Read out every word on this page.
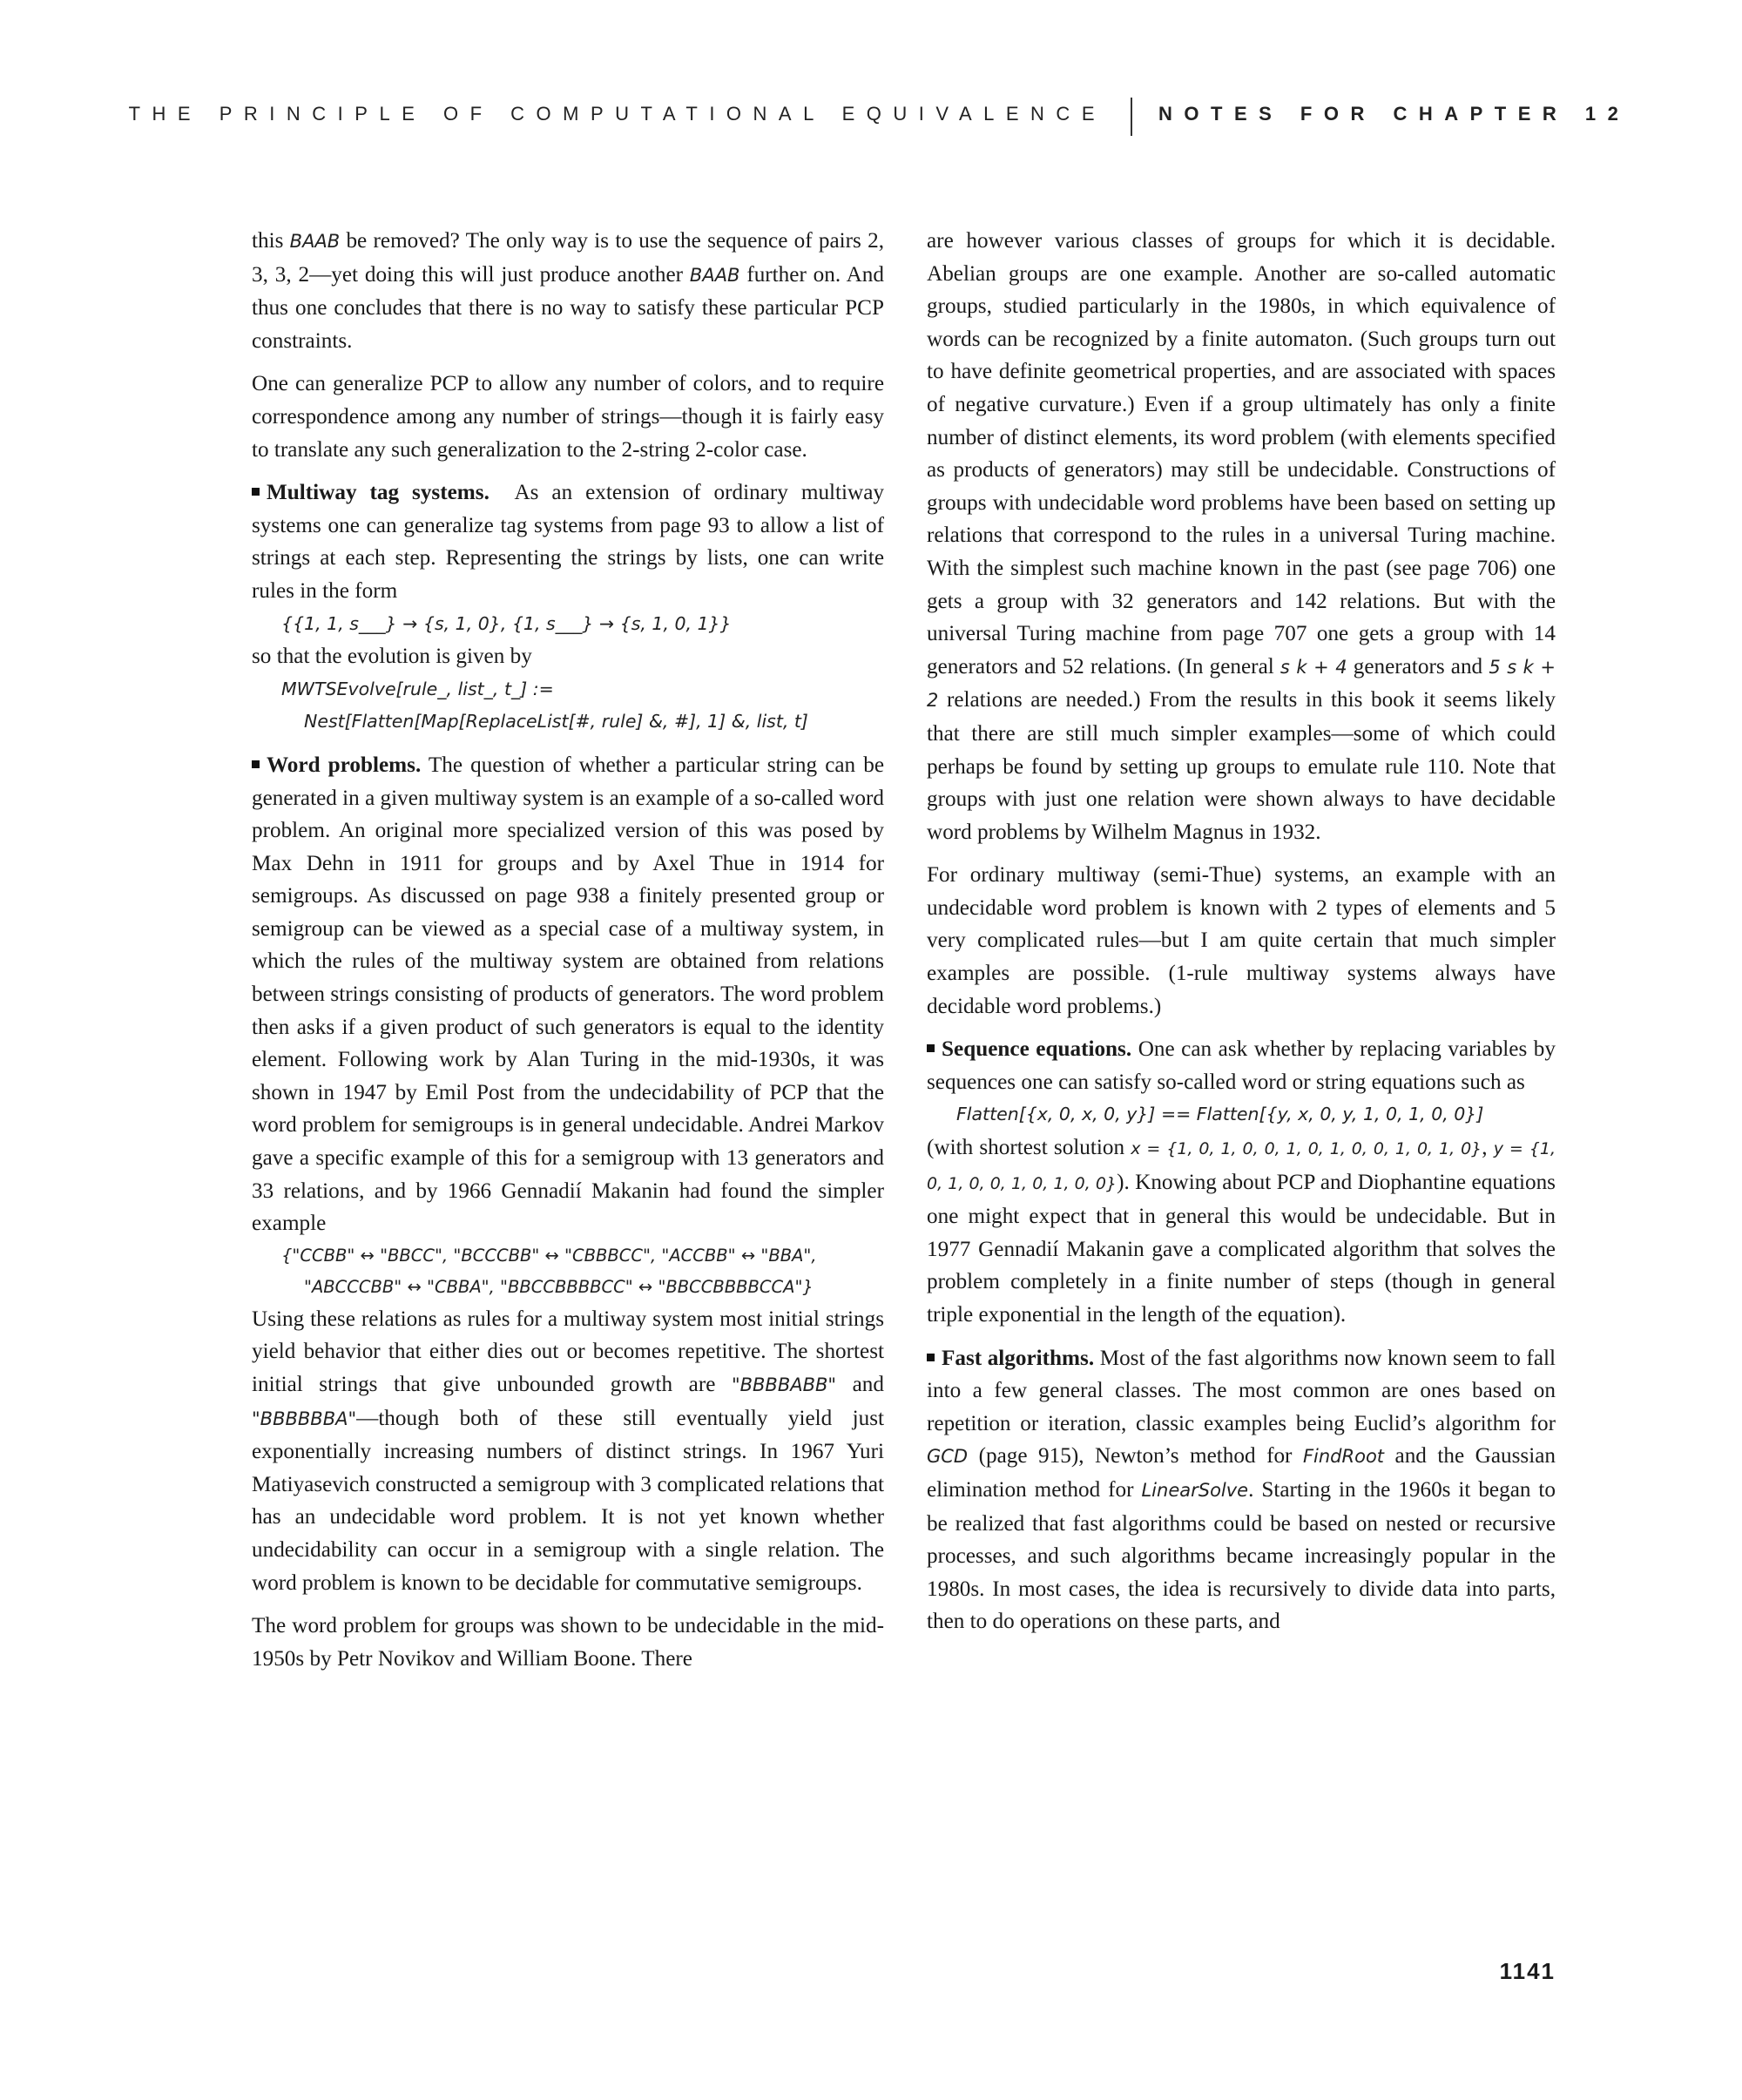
THE PRINCIPLE OF COMPUTATIONAL EQUIVALENCE	NOTES FOR CHAPTER 12

this BAAB be removed? The only way is to use the sequence of pairs 2, 3, 3, 2—yet doing this will just produce another BAAB further on. And thus one concludes that there is no way to satisfy these particular PCP constraints.

One can generalize PCP to allow any number of colors, and to require correspondence among any number of strings—though it is fairly easy to translate any such generalization to the 2-string 2-color case.

Multiway tag systems. As an extension of ordinary multiway systems one can generalize tag systems from page 93 to allow a list of strings at each step. Representing the strings by lists, one can write rules in the form

{{1, 1, s___} → {s, 1, 0}, {1, s___} → {s, 1, 0, 1}}

so that the evolution is given by

MWTSEvolve[rule_, list_, t_] :=
Nest[Flatten[Map[ReplaceList[#, rule] &, #], 1] &, list, t]

Word problems. The question of whether a particular string can be generated in a given multiway system is an example of a so-called word problem. An original more specialized version of this was posed by Max Dehn in 1911 for groups and by Axel Thue in 1914 for semigroups. As discussed on page 938 a finitely presented group or semigroup can be viewed as a special case of a multiway system, in which the rules of the multiway system are obtained from relations between strings consisting of products of generators. The word problem then asks if a given product of such generators is equal to the identity element. Following work by Alan Turing in the mid-1930s, it was shown in 1947 by Emil Post from the undecidability of PCP that the word problem for semigroups is in general undecidable. Andrei Markov gave a specific example of this for a semigroup with 13 generators and 33 relations, and by 1966 Gennadií Makanin had found the simpler example

{"CCBB" ↔ "BBCC", "BCCCBB" ↔ "CBBBCC", "ACCBB" ↔ "BBA",
"ABCCCBB" ↔ "CBBA", "BBCCBBBBCC" ↔ "BBCCBBBBCCA"}

Using these relations as rules for a multiway system most initial strings yield behavior that either dies out or becomes repetitive. The shortest initial strings that give unbounded growth are "BBBBABB" and "BBBBBBA"—though both of these still eventually yield just exponentially increasing numbers of distinct strings. In 1967 Yuri Matiyasevich constructed a semigroup with 3 complicated relations that has an undecidable word problem. It is not yet known whether undecidability can occur in a semigroup with a single relation. The word problem is known to be decidable for commutative semigroups.

The word problem for groups was shown to be undecidable in the mid-1950s by Petr Novikov and William Boone. There

are however various classes of groups for which it is decidable. Abelian groups are one example. Another are so-called automatic groups, studied particularly in the 1980s, in which equivalence of words can be recognized by a finite automaton. (Such groups turn out to have definite geometrical properties, and are associated with spaces of negative curvature.) Even if a group ultimately has only a finite number of distinct elements, its word problem (with elements specified as products of generators) may still be undecidable. Constructions of groups with undecidable word problems have been based on setting up relations that correspond to the rules in a universal Turing machine. With the simplest such machine known in the past (see page 706) one gets a group with 32 generators and 142 relations. But with the universal Turing machine from page 707 one gets a group with 14 generators and 52 relations. (In general s k + 4 generators and 5 s k + 2 relations are needed.) From the results in this book it seems likely that there are still much simpler examples—some of which could perhaps be found by setting up groups to emulate rule 110. Note that groups with just one relation were shown always to have decidable word problems by Wilhelm Magnus in 1932.

For ordinary multiway (semi-Thue) systems, an example with an undecidable word problem is known with 2 types of elements and 5 very complicated rules—but I am quite certain that much simpler examples are possible. (1-rule multiway systems always have decidable word problems.)

Sequence equations. One can ask whether by replacing variables by sequences one can satisfy so-called word or string equations such as

Flatten[{x, 0, x, 0, y}] == Flatten[{y, x, 0, y, 1, 0, 1, 0, 0}]

(with shortest solution x = {1, 0, 1, 0, 0, 1, 0, 1, 0, 0, 1, 0, 1, 0}, y = {1, 0, 1, 0, 0, 1, 0, 1, 0, 0}). Knowing about PCP and Diophantine equations one might expect that in general this would be undecidable. But in 1977 Gennadií Makanin gave a complicated algorithm that solves the problem completely in a finite number of steps (though in general triple exponential in the length of the equation).

Fast algorithms. Most of the fast algorithms now known seem to fall into a few general classes. The most common are ones based on repetition or iteration, classic examples being Euclid’s algorithm for GCD (page 915), Newton’s method for FindRoot and the Gaussian elimination method for LinearSolve. Starting in the 1960s it began to be realized that fast algorithms could be based on nested or recursive processes, and such algorithms became increasingly popular in the 1980s. In most cases, the idea is recursively to divide data into parts, then to do operations on these parts, and

1141
